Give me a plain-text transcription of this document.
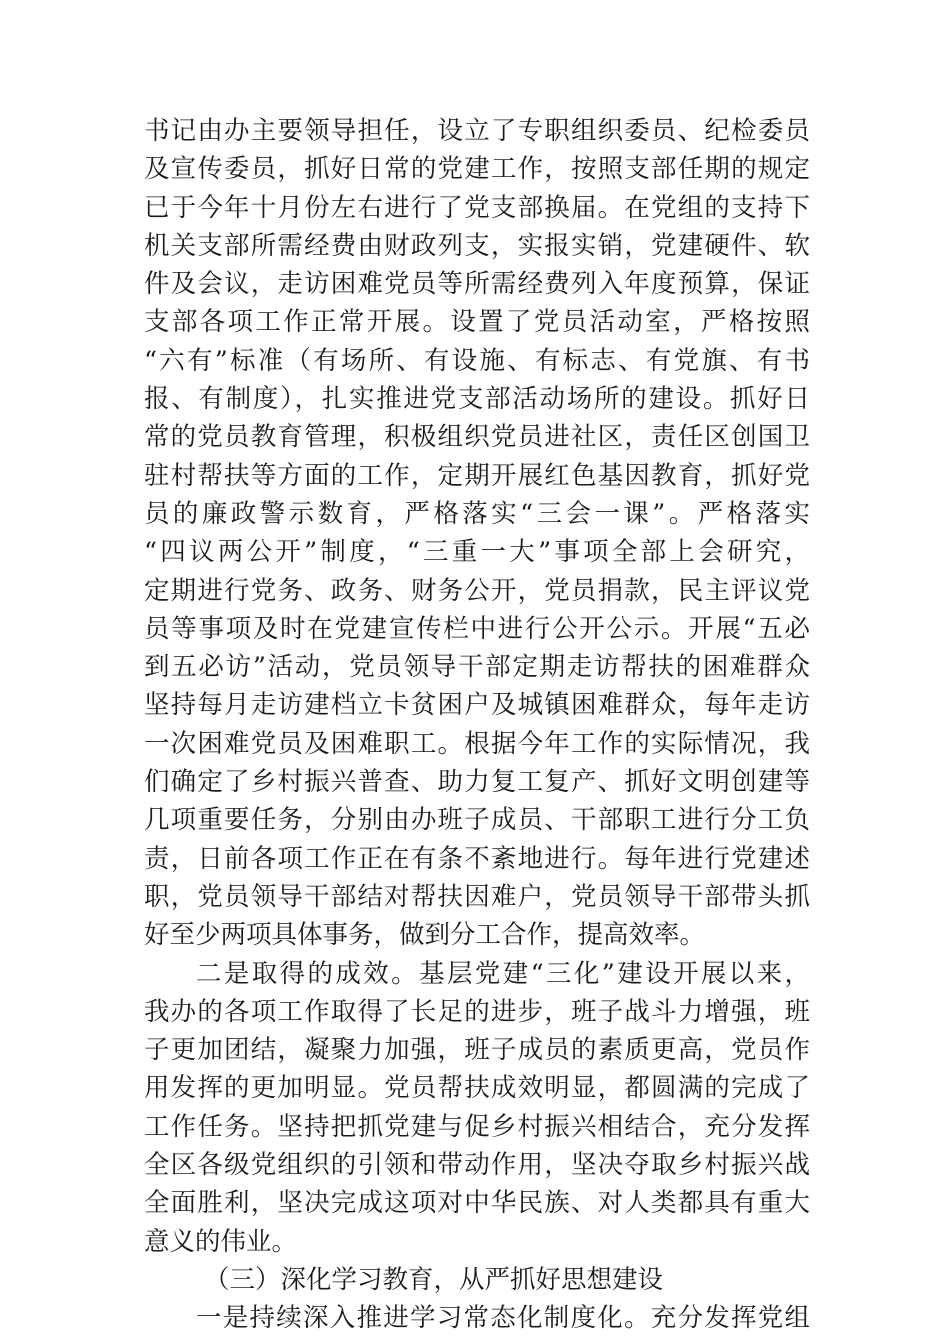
书记由办主要领导担任，设立了专职组织委员、纪检委员
及宣传委员，抓好日常的党建工作，按照支部任期的规定
已于今年十月份左右进行了党支部换届。在党组的支持下
机关支部所需经费由财政列支，实报实销，党建硬件、软
件及会议，走访困难党员等所需经费列入年度预算，保证
支部各项工作正常开展。设置了党员活动室，严格按照
“六有”标准（有场所、有设施、有标志、有党旗、有书
报、有制度），扎实推进党支部活动场所的建设。抓好日
常的党员教育管理，积极组织党员进社区，责任区创国卫
驻村帮扶等方面的工作，定期开展红色基因教育，抓好党
员的廉政警示数育，严格落实“三会一课”。严格落实
“四议两公开”制度，“三重一大”事项全部上会研究，
定期进行党务、政务、财务公开，党员捐款，民主评议党
员等事项及时在党建宣传栏中进行公开公示。开展“五必
到五必访”活动，党员领导干部定期走访帮扶的困难群众
坚持每月走访建档立卡贫困户及城镇困难群众，每年走访
一次困难党员及困难职工。根据今年工作的实际情况，我
们确定了乡村振兴普查、助力复工复产、抓好文明创建等
几项重要任务，分别由办班子成员、干部职工进行分工负
责，日前各项工作正在有条不紊地进行。每年进行党建述
职，党员领导干部结对帮扶因难户，党员领导干部带头抓
好至少两项具体事务，做到分工合作，提高效率。
二是取得的成效。基层党建“三化”建设开展以来，
我办的各项工作取得了长足的进步，班子战斗力增强，班
子更加团结，凝聚力加强，班子成员的素质更高，党员作
用发挥的更加明显。党员帮扶成效明显，都圆满的完成了
工作任务。坚持把抓党建与促乡村振兴相结合，充分发挥
全区各级党组织的引领和带动作用，坚决夺取乡村振兴战
全面胜利，坚决完成这项对中华民族、对人类都具有重大
意义的伟业。
（三）深化学习教育，从严抓好思想建设
一是持续深入推进学习常态化制度化。充分发挥党组
